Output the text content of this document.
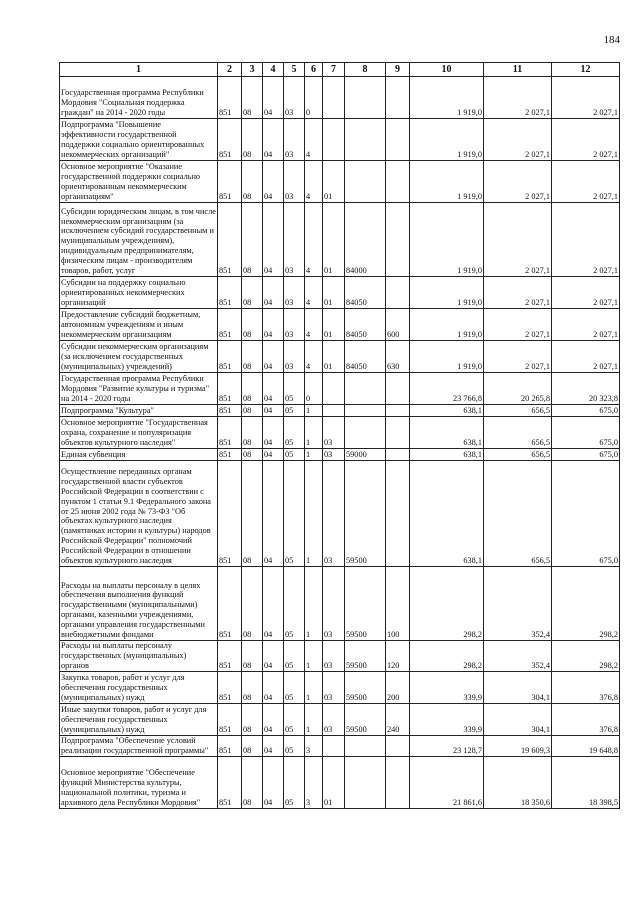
184
1	2	3	4	5	6	7	8	9	10	11	12
Государственная программа Республики Мордовия "Социальная поддержка граждан" на 2014 - 2020 годы	851	08	04	03	0				1 919,0	2 027,1	2 027,1
Подпрограмма "Повышение эффективности государственной поддержки социально ориентированных некоммерческих организаций"	851	08	04	03	4				1 919,0	2 027,1	2 027,1
Основное мероприятие "Оказание государственной поддержки социально ориентированным некоммерческим организациям"	851	08	04	03	4	01			1 919,0	2 027,1	2 027,1
Субсидии юридическим лицам, в том числе некоммерческим организациям (за исключением субсидий государственным и муниципальным учреждениям), индивидуальным предпринимателям, физическим лицам - производителям товаров, работ, услуг	851	08	04	03	4	01	84000		1 919,0	2 027,1	2 027,1
Субсидии на поддержку социально ориентированных некоммерческих организаций	851	08	04	03	4	01	84050		1 919,0	2 027,1	2 027,1
Предоставление субсидий бюджетным, автономным учреждениям и иным некоммерческим организациям	851	08	04	03	4	01	84050	600	1 919,0	2 027,1	2 027,1
Субсидии некоммерческим организациям (за исключением государственных (муниципальных) учреждений)	851	08	04	03	4	01	84050	630	1 919,0	2 027,1	2 027,1
Государственная программа Республики Мордовия "Развитие культуры и туризма" на 2014 - 2020 годы	851	08	04	05	0				23 766,8	20 265,8	20 323,8
Подпрограмма "Культура"	851	08	04	05	1				638,1	656,5	675,0
Основное мероприятие "Государственная охрана, сохранение и популяризация объектов культурного наследия"	851	08	04	05	1	03			638,1	656,5	675,0
Единая субвенция	851	08	04	05	1	03	59000		638,1	656,5	675,0
Осуществление переданных органам государственной власти субъектов Российской Федерации в соответствии с пунктом 1 статьи 9.1 Федерального закона от 25 июня 2002 года № 73-ФЗ "Об объектах культурного наследия (памятниках истории и культуры) народов Российской Федерации" полномочий Российской Федерации в отношении объектов культурного наследия	851	08	04	05	1	03	59500		638,1	656,5	675,0
Расходы на выплаты персоналу в целях обеспечения выполнения функций государственными (муниципальными) органами, казенными учреждениями, органами управления государственными внебюджетными фондами	851	08	04	05	1	03	59500	100	298,2	352,4	298,2
Расходы на выплаты персоналу государственных (муниципальных) органов	851	08	04	05	1	03	59500	120	298,2	352,4	298,2
Закупка товаров, работ и услуг для обеспечения государственных (муниципальных) нужд	851	08	04	05	1	03	59500	200	339,9	304,1	376,8
Иные закупки товаров, работ и услуг для обеспечения государственных (муниципальных) нужд	851	08	04	05	1	03	59500	240	339,9	304,1	376,8
Подпрограмма "Обеспечение условий реализации государственной программы"	851	08	04	05	3				23 128,7	19 609,3	19 648,8
Основное мероприятие "Обеспечение функций Министерства культуры, национальной политики, туризма и архивного дела Республики Мордовия"	851	08	04	05	3	01			21 861,6	18 350,6	18 398,5
